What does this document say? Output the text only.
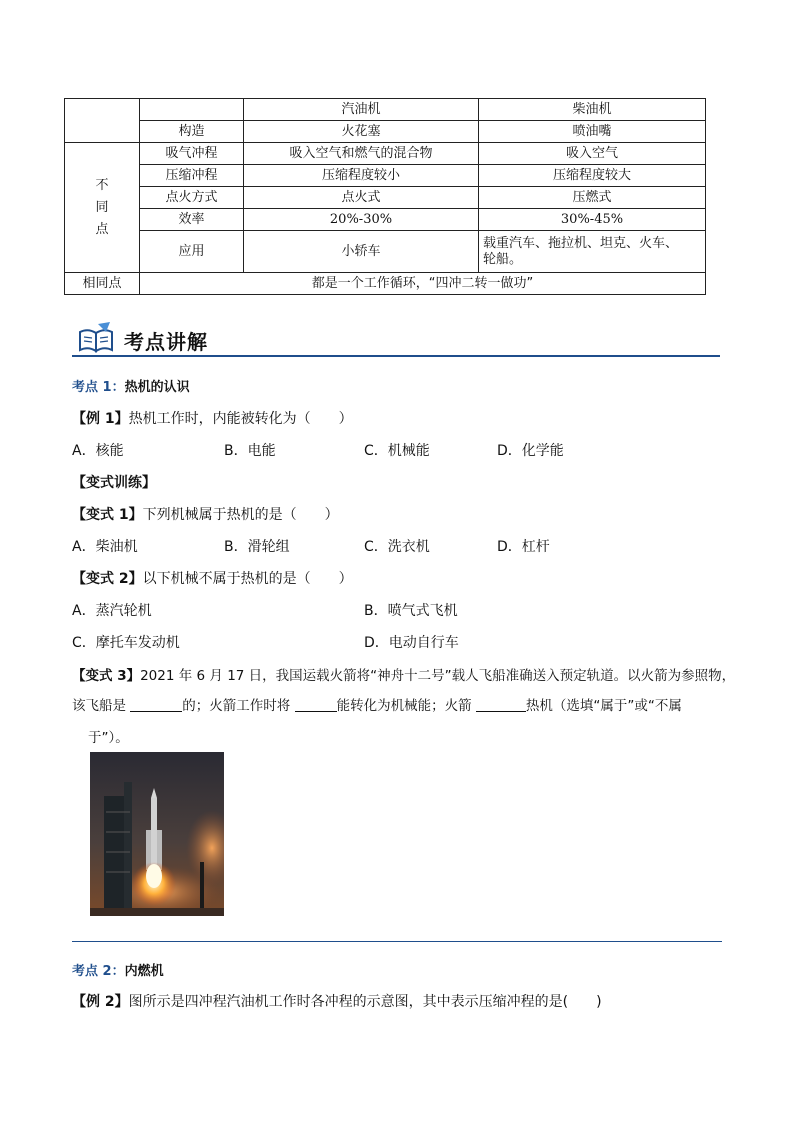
		汽油机	柴油机
	构造	火花塞	喷油嘴

不
同
点	吸气冲程	吸入空气和燃气的混合物	吸入空气
	压缩冲程	压缩程度较小	压缩程度较大
	点火方式	点火式	压燃式
	效率	20%-30%	30%-45%
	应用	小轿车	载重汽车、拖拉机、坦克、火车、
轮船。

相同点	都是一个工作循环，“四冲二转一做功”		
考点讲解
考点 1：热机的认识
【例 1】热机工作时，内能被转化为（　　）
A．核能	B．电能	C．机械能	D．化学能
【变式训练】
【变式 1】下列机械属于热机的是（　　）
A．柴油机	B．滑轮组	C．洗衣机	D．杠杆
【变式 2】以下机械不属于热机的是（　　）
A．蒸汽轮机	B．喷气式飞机
C．摩托车发动机	D．电动自行车
【变式 3】2021 年 6 月 17 日，我国运载火箭将“神舟十二号”载人飞船准确送入预定轨道。以火箭为参照物，
该飞船是	的；火箭工作时将	能转化为机械能；火箭	热机（选填“属于”或“不属
于”）。
考点 2：内燃机
【例 2】图所示是四冲程汽油机工作时各冲程的示意图，其中表示压缩冲程的是(　　)
